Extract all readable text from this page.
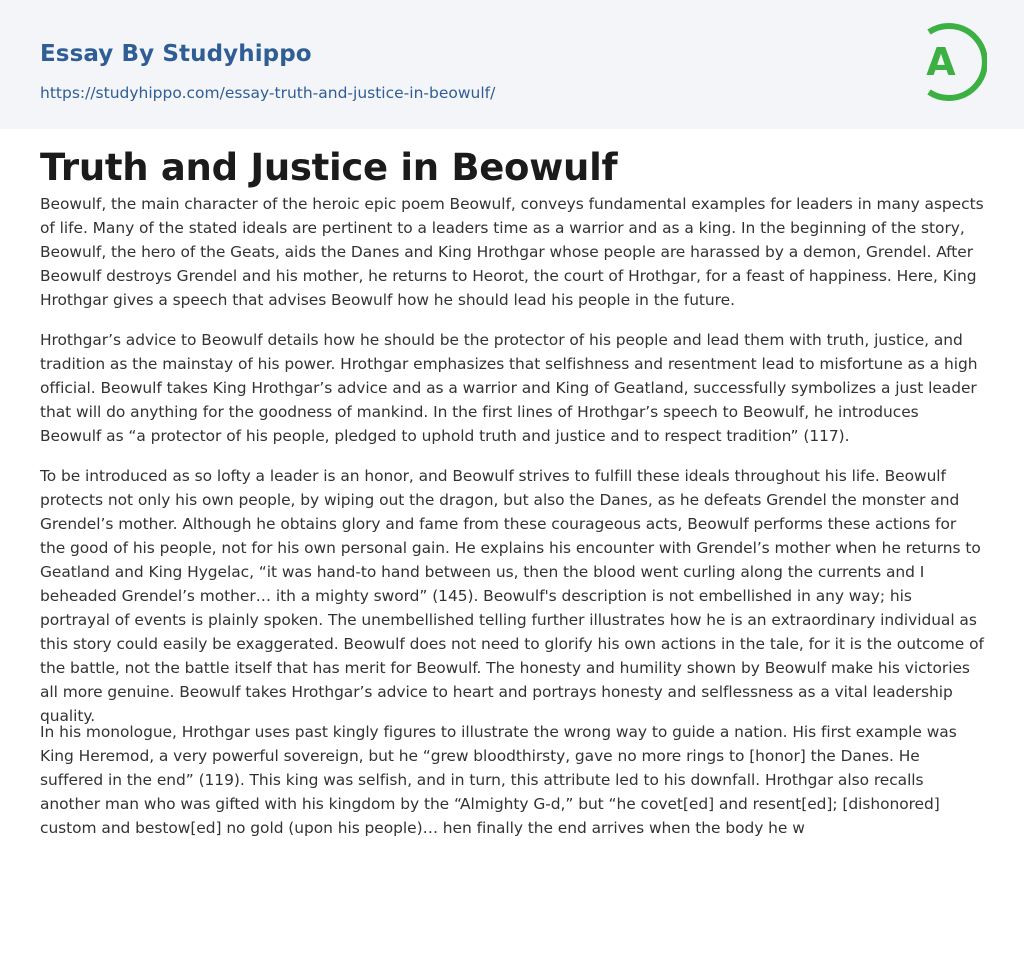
Essay By Studyhippo
https://studyhippo.com/essay-truth-and-justice-in-beowulf/
A
Truth and Justice in Beowulf

Beowulf, the main character of the heroic epic poem Beowulf, conveys fundamental examples for leaders in many aspects of life. Many of the stated ideals are pertinent to a leaders time as a warrior and as a king. In the beginning of the story, Beowulf, the hero of the Geats, aids the Danes and King Hrothgar whose people are harassed by a demon, Grendel. After Beowulf destroys Grendel and his mother, he returns to Heorot, the court of Hrothgar, for a feast of happiness. Here, King Hrothgar gives a speech that advises Beowulf how he should lead his people in the future.

Hrothgar’s advice to Beowulf details how he should be the protector of his people and lead them with truth, justice, and tradition as the mainstay of his power. Hrothgar emphasizes that selfishness and resentment lead to misfortune as a high official. Beowulf takes King Hrothgar’s advice and as a warrior and King of Geatland, successfully symbolizes a just leader that will do anything for the goodness of mankind. In the first lines of Hrothgar’s speech to Beowulf, he introduces Beowulf as “a protector of his people, pledged to uphold truth and justice and to respect tradition” (117).

To be introduced as so lofty a leader is an honor, and Beowulf strives to fulfill these ideals throughout his life. Beowulf protects not only his own people, by wiping out the dragon, but also the Danes, as he defeats Grendel the monster and Grendel’s mother. Although he obtains glory and fame from these courageous acts, Beowulf performs these actions for the good of his people, not for his own personal gain. He explains his encounter with Grendel’s mother when he returns to Geatland and King Hygelac, “it was hand-to hand between us, then the blood went curling along the currents and I beheaded Grendel’s mother… ith a mighty sword” (145). Beowulf's description is not embellished in any way; his portrayal of events is plainly spoken. The unembellished telling further illustrates how he is an extraordinary individual as this story could easily be exaggerated. Beowulf does not need to glorify his own actions in the tale, for it is the outcome of the battle, not the battle itself that has merit for Beowulf. The honesty and humility shown by Beowulf make his victories all more genuine. Beowulf takes Hrothgar’s advice to heart and portrays honesty and selflessness as a vital leadership quality.

In his monologue, Hrothgar uses past kingly figures to illustrate the wrong way to guide a nation. His first example was King Heremod, a very powerful sovereign, but he “grew bloodthirsty, gave no more rings to [honor] the Danes. He suffered in the end” (119). This king was selfish, and in turn, this attribute led to his downfall. Hrothgar also recalls another man who was gifted with his kingdom by the “Almighty G-d,” but “he covet[ed] and resent[ed]; [dishonored] custom and bestow[ed] no gold (upon his people)… hen finally the end arrives when the body he w
